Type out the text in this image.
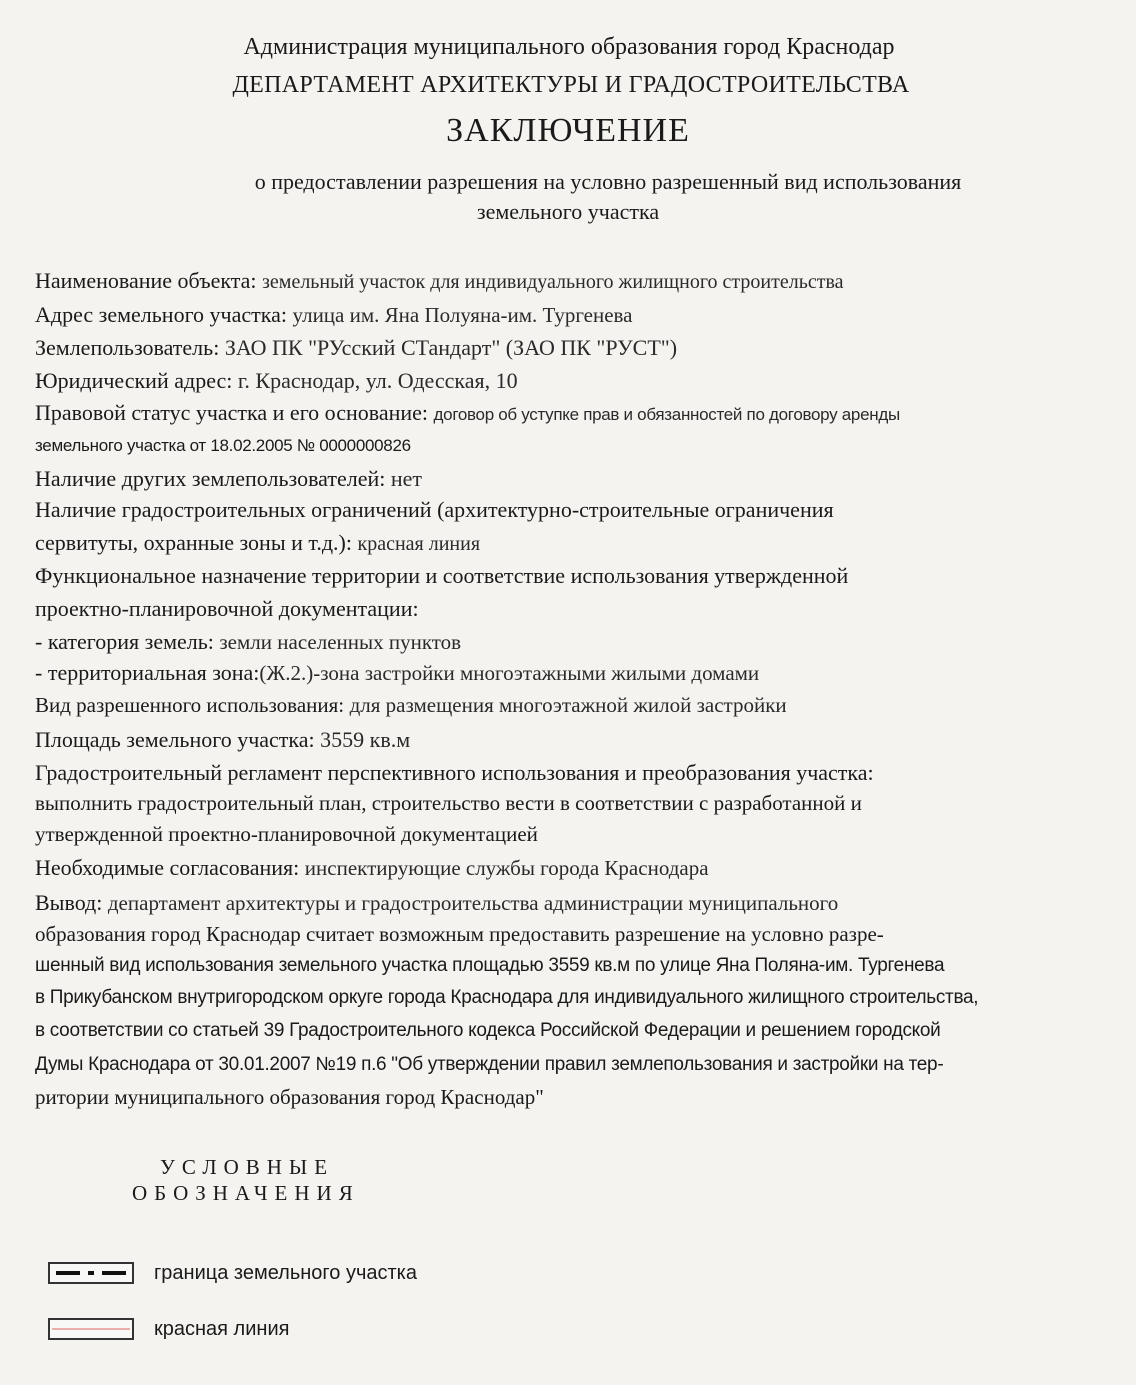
Администрация муниципального образования город Краснодар
ДЕПАРТАМЕНТ АРХИТЕКТУРЫ И ГРАДОСТРОИТЕЛЬСТВА
ЗАКЛЮЧЕНИЕ
о предоставлении разрешения на условно разрешенный вид использования
земельного участка
Наименование объекта: земельный участок для индивидуального жилищного строительства
Адрес земельного участка: улица им. Яна Полуяна-им. Тургенева
Землепользователь: ЗАО ПК "РУсский СТандарт" (ЗАО ПК "РУСТ")
Юридический адрес: г. Краснодар, ул. Одесская, 10
Правовой статус участка и его основание: договор об уступке прав и обязанностей по договору аренды
земельного участка от 18.02.2005 № 0000000826
Наличие других землепользователей: нет
Наличие градостроительных ограничений (архитектурно-строительные ограничения
сервитуты, охранные зоны и т.д.): красная линия
Функциональное назначение территории и соответствие использования утвержденной
проектно-планировочной документации:
- категория земель: земли населенных пунктов
- территориальная зона:(Ж.2.)-зона застройки многоэтажными жилыми домами
Вид разрешенного использования: для размещения многоэтажной жилой застройки
Площадь земельного участка: 3559 кв.м
Градостроительный регламент перспективного использования и преобразования участка:
выполнить градостроительный план, строительство вести в соответствии с разработанной и
утвержденной проектно-планировочной документацией
Необходимые согласования: инспектирующие службы города Краснодара
Вывод: департамент архитектуры и градостроительства администрации муниципального
образования город Краснодар считает возможным предоставить разрешение на условно разре-
шенный вид использования земельного участка площадью 3559 кв.м по улице Яна Поляна-им. Тургенева
в Прикубанском внутригородском оркуге города Краснодара для индивидуального жилищного строительства,
в соответствии со статьей 39 Градостроительного кодекса Российской Федерации и решением городской
Думы Краснодара от 30.01.2007 №19 п.6 "Об утверждении правил землепользования и застройки на тер-
ритории муниципального образования город Краснодар"
УСЛОВНЫЕ
ОБОЗНАЧЕНИЯ
граница земельного участка
красная линия
